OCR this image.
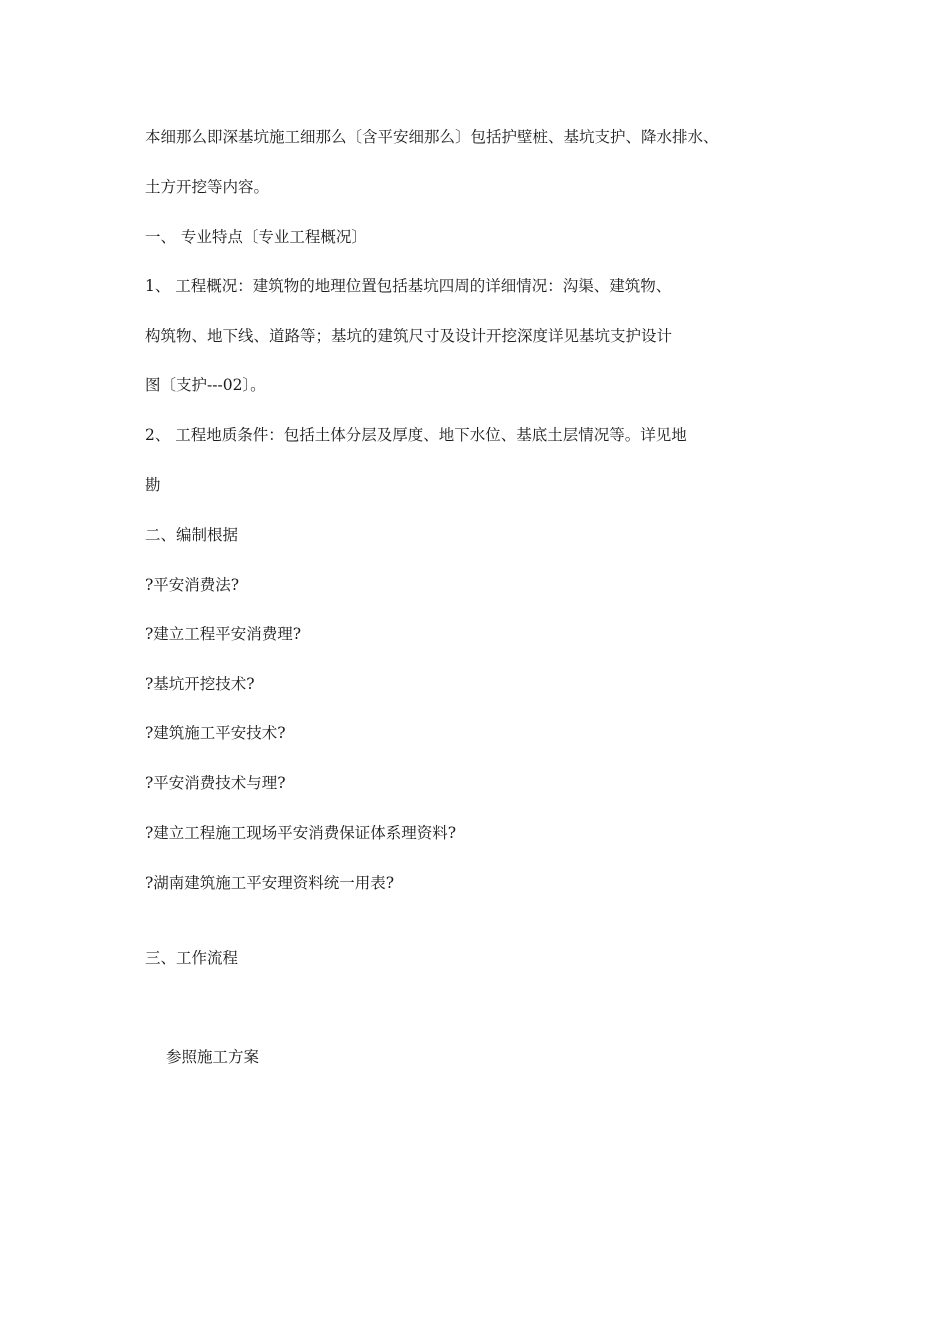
本细那么即深基坑施工细那么〔含平安细那么〕包括护壁桩、基坑支护、降水排水、
土方开挖等内容。
一、 专业特点〔专业工程概况〕
1、 工程概况：建筑物的地理位置包括基坑四周的详细情况：沟渠、建筑物、
构筑物、地下线、道路等；基坑的建筑尺寸及设计开挖深度详见基坑支护设计
图〔支护---02〕。
2、 工程地质条件：包括土体分层及厚度、地下水位、基底土层情况等。详见地
勘
二、编制根据
?平安消费法?
?建立工程平安消费理?
?基坑开挖技术?
?建筑施工平安技术?
?平安消费技术与理?
?建立工程施工现场平安消费保证体系理资料?
?湖南建筑施工平安理资料统一用表?
三、工作流程
参照施工方案
